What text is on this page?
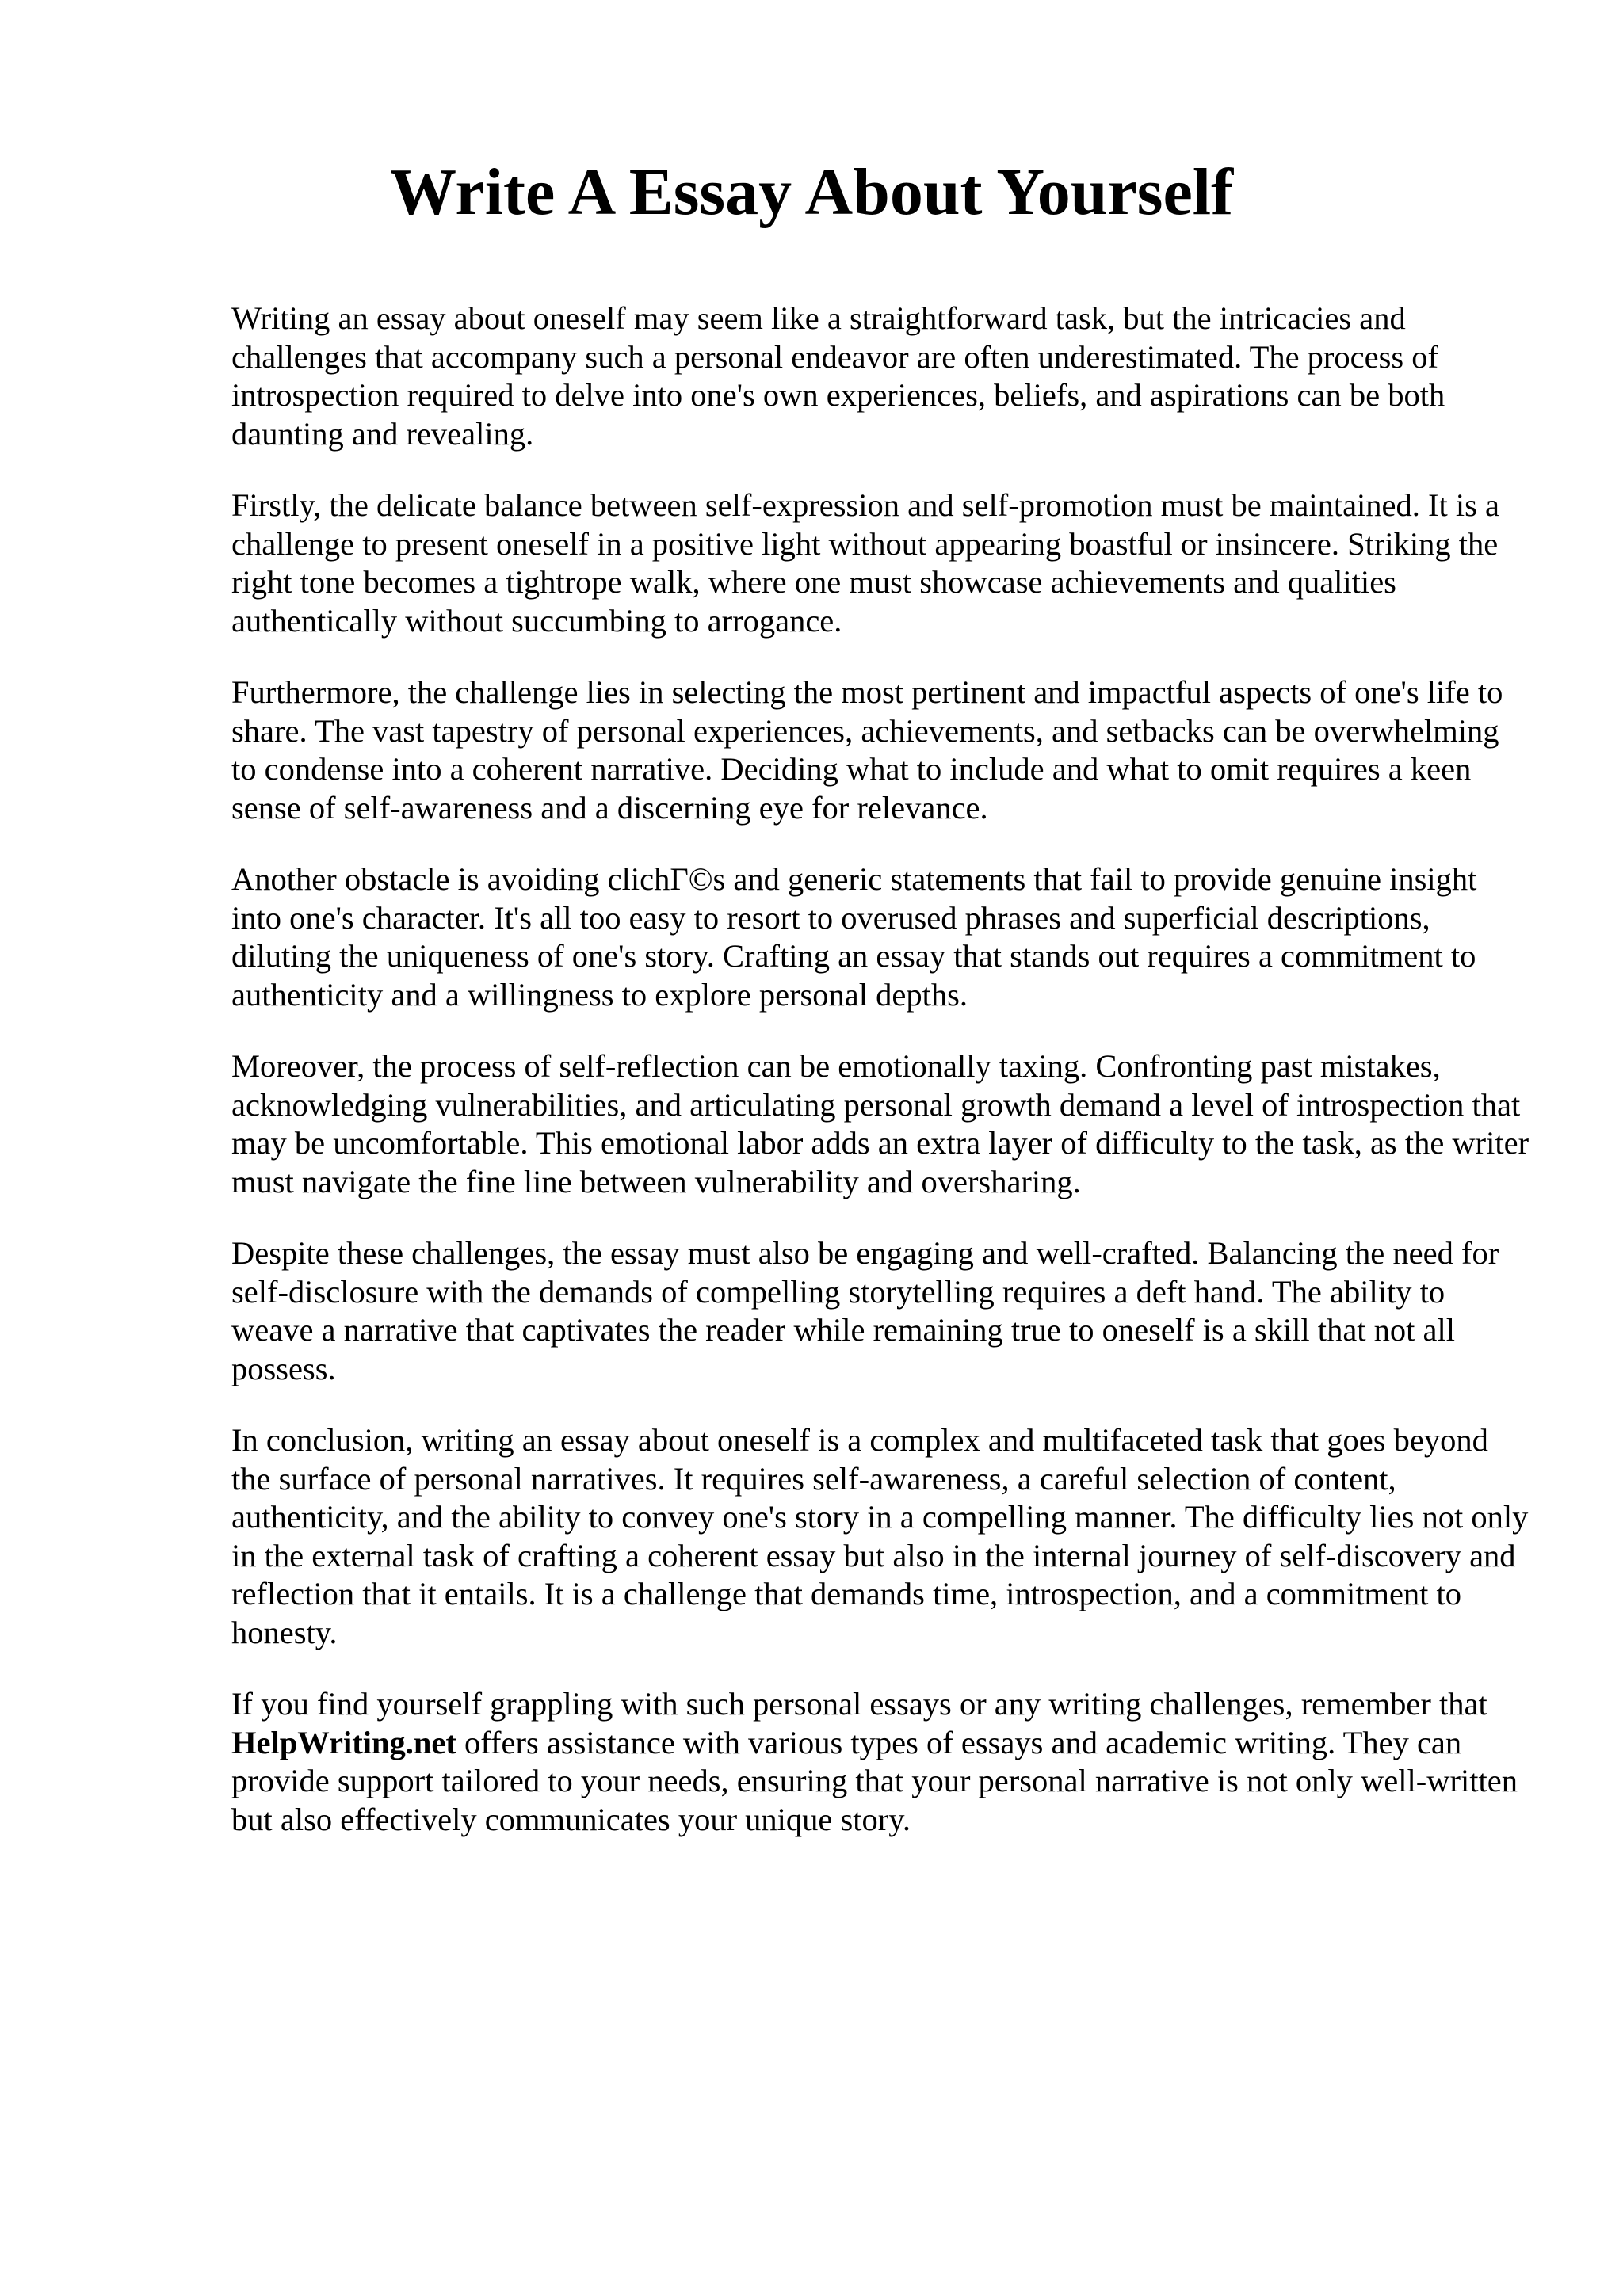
Write A Essay About Yourself

Writing an essay about oneself may seem like a straightforward task, but the intricacies and challenges that accompany such a personal endeavor are often underestimated. The process of introspection required to delve into one's own experiences, beliefs, and aspirations can be both daunting and revealing.

Firstly, the delicate balance between self-expression and self-promotion must be maintained. It is a challenge to present oneself in a positive light without appearing boastful or insincere. Striking the right tone becomes a tightrope walk, where one must showcase achievements and qualities authentically without succumbing to arrogance.

Furthermore, the challenge lies in selecting the most pertinent and impactful aspects of one's life to share. The vast tapestry of personal experiences, achievements, and setbacks can be overwhelming to condense into a coherent narrative. Deciding what to include and what to omit requires a keen sense of self-awareness and a discerning eye for relevance.

Another obstacle is avoiding clichΓ©s and generic statements that fail to provide genuine insight into one's character. It's all too easy to resort to overused phrases and superficial descriptions, diluting the uniqueness of one's story. Crafting an essay that stands out requires a commitment to authenticity and a willingness to explore personal depths.

Moreover, the process of self-reflection can be emotionally taxing. Confronting past mistakes, acknowledging vulnerabilities, and articulating personal growth demand a level of introspection that may be uncomfortable. This emotional labor adds an extra layer of difficulty to the task, as the writer must navigate the fine line between vulnerability and oversharing.

Despite these challenges, the essay must also be engaging and well-crafted. Balancing the need for self-disclosure with the demands of compelling storytelling requires a deft hand. The ability to weave a narrative that captivates the reader while remaining true to oneself is a skill that not all possess.

In conclusion, writing an essay about oneself is a complex and multifaceted task that goes beyond the surface of personal narratives. It requires self-awareness, a careful selection of content, authenticity, and the ability to convey one's story in a compelling manner. The difficulty lies not only in the external task of crafting a coherent essay but also in the internal journey of self-discovery and reflection that it entails. It is a challenge that demands time, introspection, and a commitment to honesty.

If you find yourself grappling with such personal essays or any writing challenges, remember that HelpWriting.net offers assistance with various types of essays and academic writing. They can provide support tailored to your needs, ensuring that your personal narrative is not only well-written but also effectively communicates your unique story.
